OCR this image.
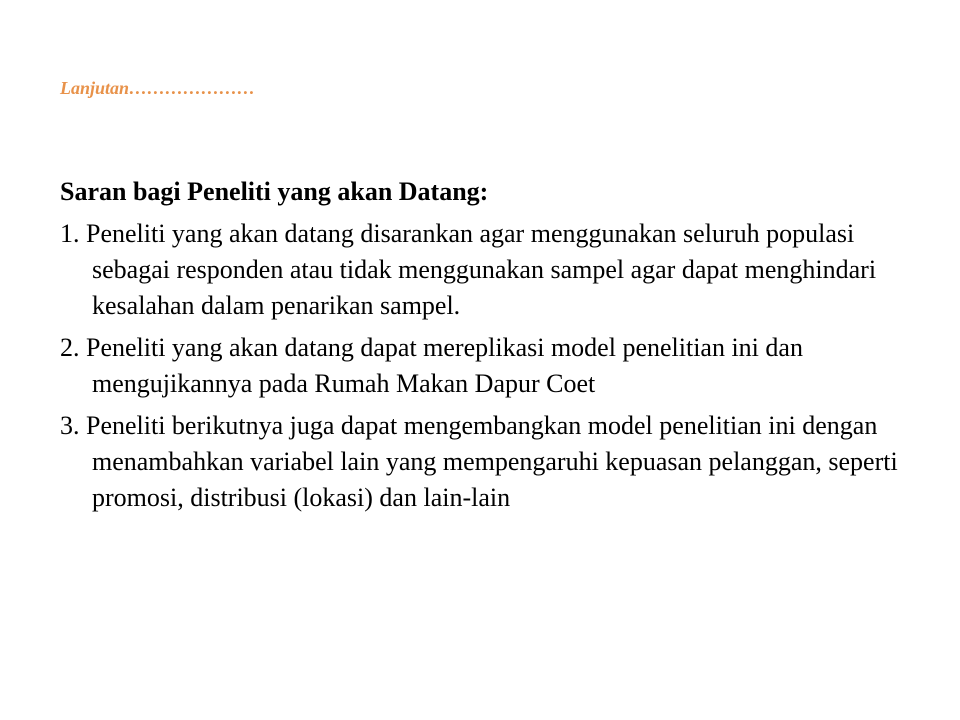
Lanjutan…………………
Saran bagi Peneliti yang akan Datang:
1. Peneliti yang akan datang disarankan agar menggunakan seluruh populasi sebagai responden atau tidak menggunakan sampel agar dapat menghindari kesalahan dalam penarikan sampel.
2. Peneliti yang akan datang dapat mereplikasi model penelitian ini dan mengujikannya pada Rumah Makan Dapur Coet
3. Peneliti berikutnya juga dapat mengembangkan model penelitian ini dengan menambahkan variabel lain yang mempengaruhi kepuasan pelanggan, seperti promosi, distribusi (lokasi) dan lain-lain
